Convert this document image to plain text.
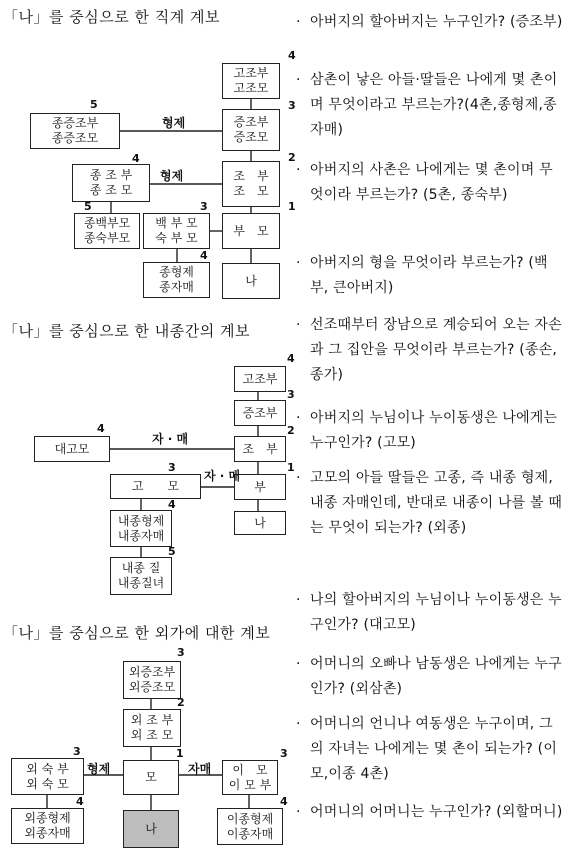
「나」를 중심으로 한 직계 계보
고조부
고조모
4
증조부
증조모
3
종증조부
종증조모
5
형제
조　부
조　모
2
종 조 부
종 조 모
4
형제
부　모
1
종백부모
종숙부모
5
백 부 모
숙 부 모
3
종형제
종자매
4
나
「나」를 중심으로 한 내종간의 계보
고조부
4
증조부
3
조　부
2
대고모
4
자 · 매
부
1
고　　모
3
자 · 매
내종형제
내종자매
4
내종 질
내종질녀
5
나
「나」를 중심으로 한 외가에 대한 계보
외증조부
외증조모
3
외 조 부
외 조 모
2
모
1
외 숙 부
외 숙 모
3
형제	이　모
이 모 부
3
자매
외종형제
외종자매
4
나
이종형제
이종자매
4
· 아버지의 할아버지는 누구인가? (증조부)
· 삼촌이 낳은 아들·딸들은 나에게 몇 촌이며 무엇이라고 부르는가?(4촌,종형제,종자매)
· 아버지의 사촌은 나에게는 몇 촌이며 무엇이라 부르는가? (5촌, 종숙부)
· 아버지의 형을 무엇이라 부르는가? (백부, 큰아버지)
· 선조때부터 장남으로 계승되어 오는 자손과 그 집안을 무엇이라 부르는가? (종손, 종가)
· 아버지의 누님이나 누이동생은 나에게는 누구인가? (고모)
· 고모의 아들 딸들은 고종, 즉 내종 형제, 내종 자매인데, 반대로 내종이 나를 볼 때는 무엇이 되는가? (외종)
· 나의 할아버지의 누님이나 누이동생은 누구인가? (대고모)
· 어머니의 오빠나 남동생은 나에게는 누구인가? (외삼촌)
· 어머니의 언니나 여동생은 누구이며, 그의 자녀는 나에게는 몇 촌이 되는가? (이모,이종 4촌)
· 어머니의 어머니는 누구인가? (외할머니)
